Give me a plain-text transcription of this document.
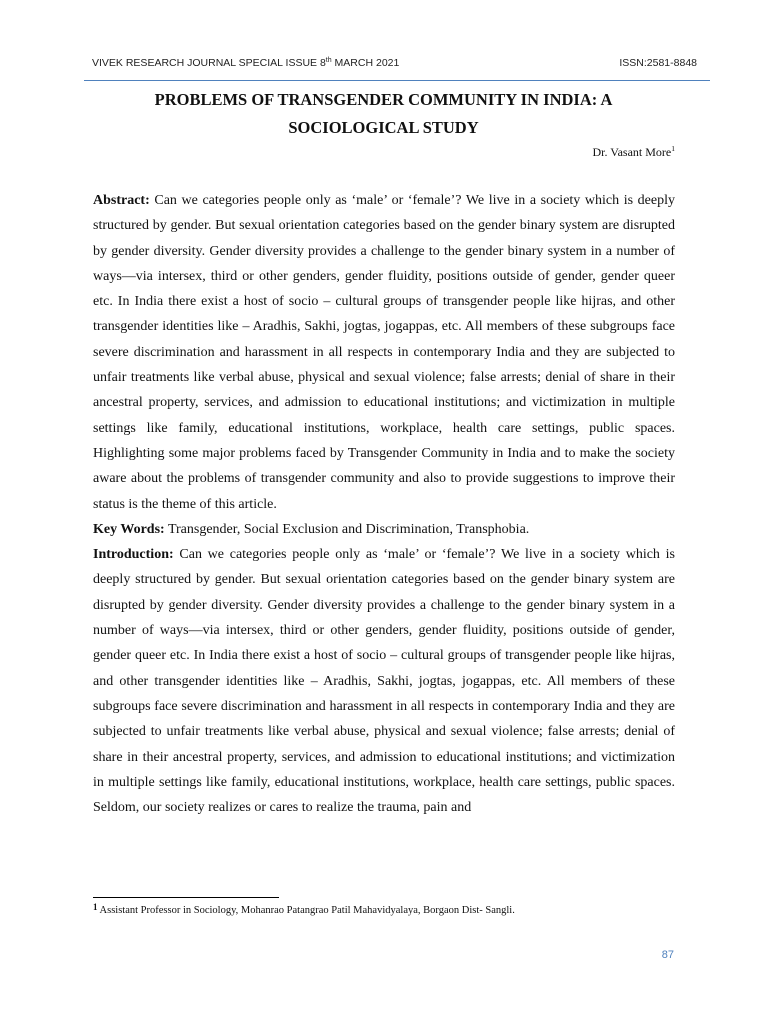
VIVEK RESEARCH JOURNAL SPECIAL ISSUE 8th MARCH 2021	ISSN:2581-8848
PROBLEMS OF TRANSGENDER COMMUNITY IN INDIA: A SOCIOLOGICAL STUDY
Dr. Vasant More$^1$

Abstract: Can we categories people only as ‘male’ or ‘female’? We live in a society which is deeply structured by gender. But sexual orientation categories based on the gender binary system are disrupted by gender diversity. Gender diversity provides a challenge to the gender binary system in a number of ways—via intersex, third or other genders, gender fluidity, positions outside of gender, gender queer etc. In India there exist a host of socio – cultural groups of transgender people like hijras, and other transgender identities like – Aradhis, Sakhi, jogtas, jogappas, etc. All members of these subgroups face severe discrimination and harassment in all respects in contemporary India and they are subjected to unfair treatments like verbal abuse, physical and sexual violence; false arrests; denial of share in their ancestral property, services, and admission to educational institutions; and victimization in multiple settings like family, educational institutions, workplace, health care settings, public spaces. Highlighting some major problems faced by Transgender Community in India and to make the society aware about the problems of transgender community and also to provide suggestions to improve their status is the theme of this article.

Key Words: Transgender, Social Exclusion and Discrimination, Transphobia.

Introduction: Can we categories people only as ‘male’ or ‘female’? We live in a society which is deeply structured by gender. But sexual orientation categories based on the gender binary system are disrupted by gender diversity. Gender diversity provides a challenge to the gender binary system in a number of ways—via intersex, third or other genders, gender fluidity, positions outside of gender, gender queer etc. In India there exist a host of socio – cultural groups of transgender people like hijras, and other transgender identities like – Aradhis, Sakhi, jogtas, jogappas, etc. All members of these subgroups face severe discrimination and harassment in all respects in contemporary India and they are subjected to unfair treatments like verbal abuse, physical and sexual violence; false arrests; denial of share in their ancestral property, services, and admission to educational institutions; and victimization in multiple settings like family, educational institutions, workplace, health care settings, public spaces. Seldom, our society realizes or cares to realize the trauma, pain and

$^1$ Assistant Professor in Sociology, Mohanrao Patangrao Patil Mahavidyalaya, Borgaon Dist- Sangli.
87
